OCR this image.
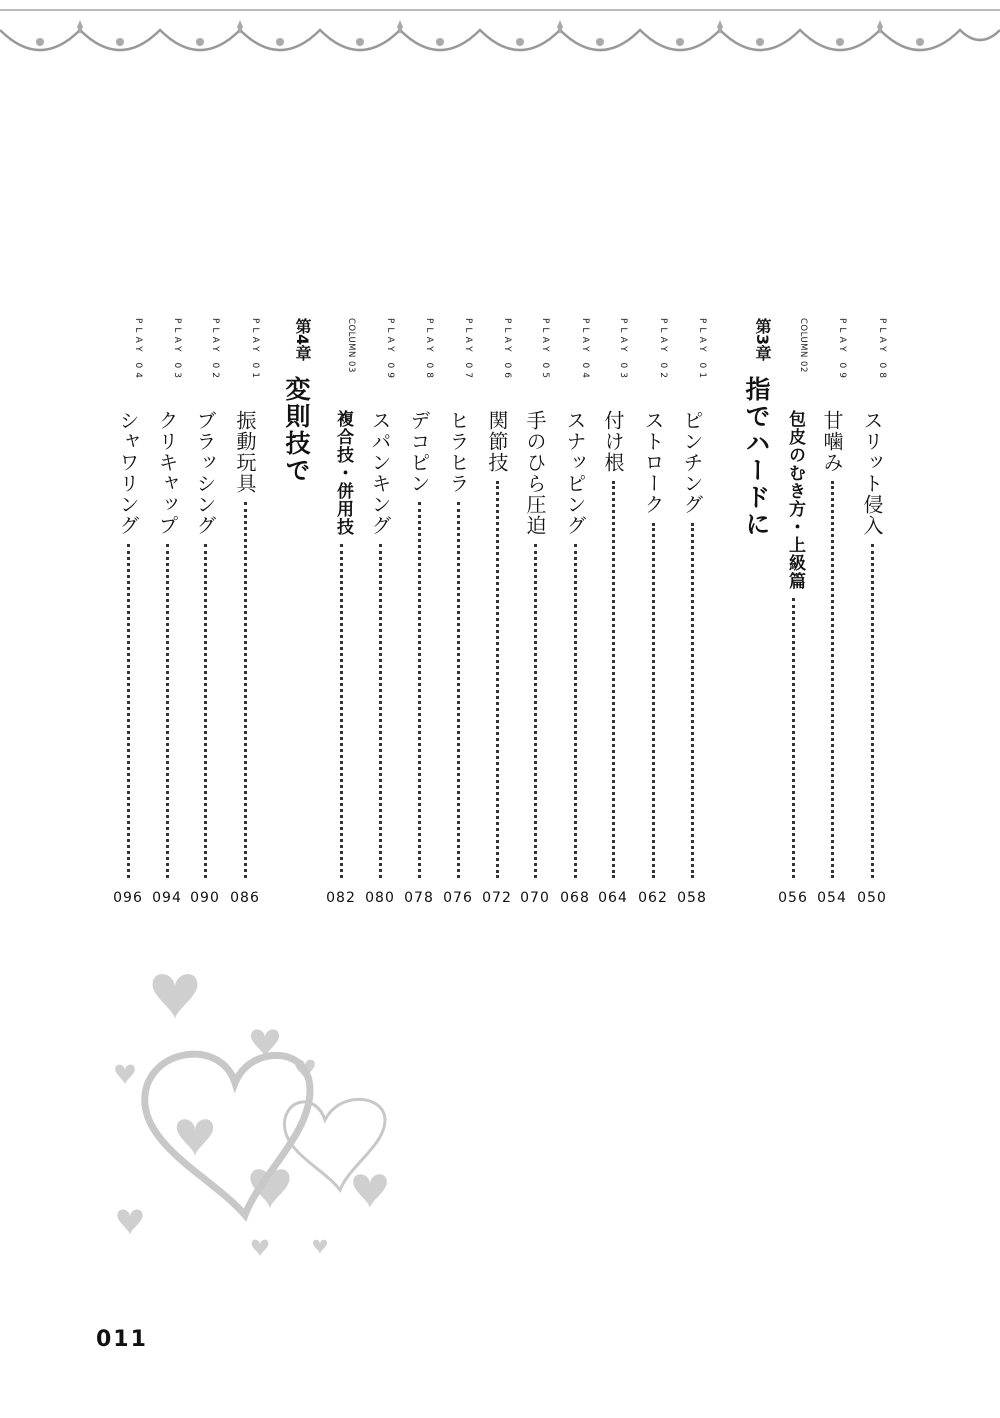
PLAY 08
スリット侵入
050
PLAY 09
甘噛み
054
COLUMN 02
包皮のむき方・上級篇
056
第3章
指でハードに
PLAY 01
ピンチング
058
PLAY 02
ストローク
062
PLAY 03
付け根
064
PLAY 04
スナッピング
068
PLAY 05
手のひら圧迫
070
PLAY 06
関節技
072
PLAY 07
ヒラヒラ
076
PLAY 08
デコピン
078
PLAY 09
スパンキング
080
COLUMN 03
複合技・併用技
082
第4章
変則技で
PLAY 01
振動玩具
086
PLAY 02
ブラッシング
090
PLAY 03
クリキャップ
094
PLAY 04
シャワリング
096
011
